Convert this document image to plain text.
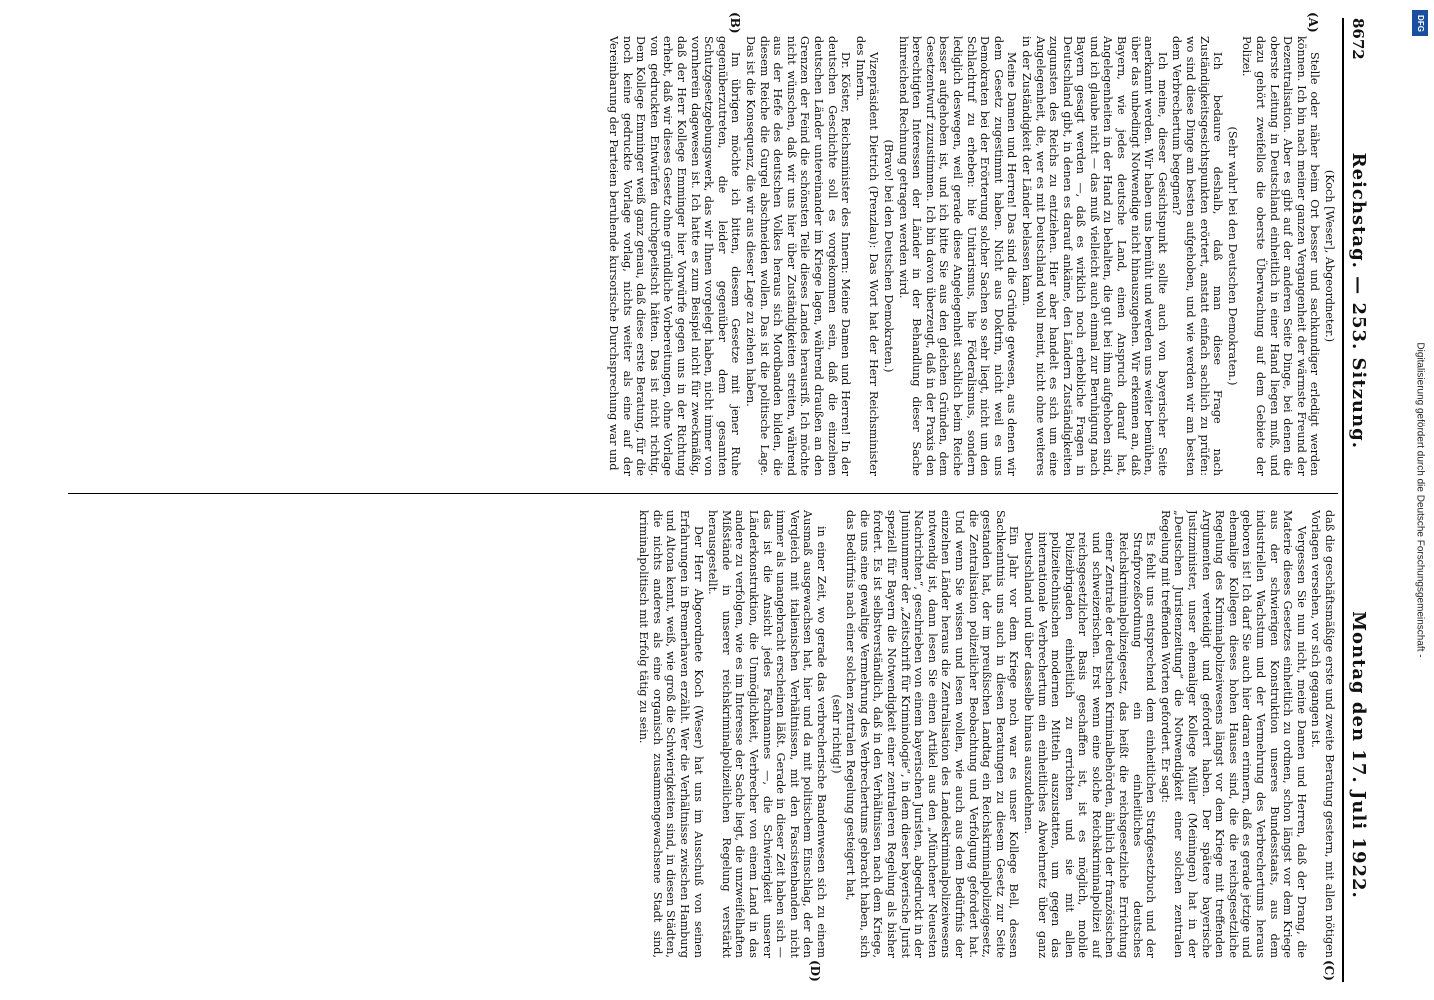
8672
Reichstag. — 253. Sitzung.
Montag den 17. Juli 1922.
(A)
(B)
(C)
(D)

(Koch [Weser], Abgeordneter.)

Stelle oder näher beim Ort besser und sachkundiger erledigt werden können. Ich bin nach meiner ganzen Vergangenheit der wärmste Freund der Dezentralisation. Aber es gibt auf der anderen Seite Dinge, bei denen die oberste Leitung in Deutschland einheitlich in einer Hand liegen muß, und dazu gehört zweifellos die oberste Überwachung auf dem Gebiete der Polizei.

(Sehr wahr! bei den Deutschen Demokraten.)

Ich bedaure deshalb, daß man diese Frage nach Zuständigkeitsgesichtspunkten erörtert, anstatt einfach sachlich zu prüfen: wo sind diese Dinge am besten aufgehoben, und wie werden wir am besten dem Verbrechertum begegnen?

Ich meine, dieser Gesichtspunkt sollte auch von bayerischer Seite anerkannt werden. Wir haben uns bemüht und werden uns weiter bemühen, über das unbedingt Notwendige nicht hinauszugehen. Wir erkennen an, daß Bayern, wie jedes deutsche Land, einen Anspruch darauf hat, Angelegenheiten in der Hand zu behalten, die gut bei ihm aufgehoben sind, und ich glaube nicht — das muß vielleicht auch einmal zur Beruhigung nach Bayern gesagt werden —, daß es wirklich noch erhebliche Fragen in Deutschland gibt, in denen es darauf ankäme, den Ländern Zuständigkeiten zugunsten des Reichs zu entziehen. Hier aber handelt es sich um eine Angelegenheit, die, wer es mit Deutschland wohl meint, nicht ohne weiteres in der Zuständigkeit der Länder belassen kann.

Meine Damen und Herren! Das sind die Gründe gewesen, aus denen wir dem Gesetz zugestimmt haben. Nicht aus Doktrin, nicht weil es uns Demokraten bei der Erörterung solcher Sachen so sehr liegt, nicht um den Schlachtruf zu erheben: hie Unitarismus, hie Föderalismus, sondern lediglich deswegen, weil gerade diese Angelegenheit sachlich beim Reiche besser aufgehoben ist, und ich bitte Sie aus den gleichen Gründen, dem Gesetzentwurf zuzustimmen. Ich bin davon überzeugt, daß in der Praxis den berechtigten Interessen der Länder in der Behandlung dieser Sache hinreichend Rechnung getragen werden wird.

(Bravo! bei den Deutschen Demokraten.)

Vizepräsident Dietrich (Prenzlau): Das Wort hat der Herr Reichsminister des Innern.

Dr. Köster, Reichsminister des Innern: Meine Damen und Herren! In der deutschen Geschichte soll es vorgekommen sein, daß die einzelnen deutschen Länder untereinander im Kriege lagen, während draußen an den Grenzen der Feind die schönsten Teile dieses Landes herausriß. Ich möchte nicht wünschen, daß wir uns hier über Zuständigkeiten streiten, während aus der Hefe des deutschen Volkes heraus sich Mordbanden bilden, die diesem Reiche die Gurgel abschneiden wollen. Das ist die politische Lage. Das ist die Konsequenz, die wir aus dieser Lage zu ziehen haben.

Im übrigen möchte ich bitten, diesem Gesetze mit jener Ruhe gegenüberzutreten, die leider gegenüber dem gesamten Schutzgesetzgebungswerk, das wir Ihnen vorgelegt haben, nicht immer von vornherein dagewesen ist. Ich hatte es zum Beispiel nicht für zweckmäßig, daß der Herr Kollege Emminger hier Vorwürfe gegen uns in der Richtung erhebt, daß wir dieses Gesetz ohne gründliche Vorbereitungen, ohne Vorlage von gedruckten Entwürfen durchgepeitscht hätten. Das ist nicht richtig. Dem Kollege Emminger weiß ganz genau, daß diese erste Beratung, für die noch keine gedruckte Vorlage vorlag, nichts weiter als eine auf der Vereinbarung der Parteien beruhende kursorische Durchsprechung war und

daß die geschäftsmäßige erste und zweite Beratung gestern, mit allen nötigen Vorlagen versehen, vor sich gegangen ist.

Vergessen Sie nun nicht, meine Damen und Herren, daß der Drang, die Materie dieses Gesetzes einheitlich zu ordnen, schon längst vor dem Kriege aus der schwierigen Konstruktion unseres Bundesstaats, aus dem industriellen Wachstum und der Vermehrung des Verbrechertums heraus geboren ist! Ich darf Sie auch hier daran erinnern, daß es gerade jetzige und ehemalige Kollegen dieses hohen Hauses sind, die die reichsgesetzliche Regelung des Kriminalpolizeiwesens längst vor dem Kriege mit treffenden Argumenten verteidigt und gefordert haben. Der spätere bayerische Justizminister, unser ehemaliger Kollege Müller (Meiningen) hat in der „Deutschen Juristenzeitung“ die Notwendigkeit einer solchen zentralen Regelung mit treffenden Worten gefordert. Er sagt:

Es fehlt uns entsprechend dem einheitlichen Strafgesetzbuch und der Strafprozeßordnung ein einheitliches deutsches Reichskriminalpolizeigesetz, das heißt die reichsgesetzliche Errichtung einer Zentrale der deutschen Kriminalbehörden, ähnlich der französischen und schweizerischen. Erst wenn eine solche Reichskriminalpolizei auf reichsgesetzlicher Basis geschaffen ist, ist es möglich, mobile Polizeibrigaden einheitlich zu errichten und sie mit allen polizeitechnischen modernen Mitteln auszustatten, um gegen das internationale Verbrechertum ein einheitliches Abwehrnetz über ganz Deutschland und über dasselbe hinaus auszudehnen.

Ein Jahr vor dem Kriege noch war es unser Kollege Bell, dessen Sachkenntnis uns auch in diesen Beratungen zu diesem Gesetz zur Seite gestanden hat, der im preußischen Landtag ein Reichskriminalpolizeigesetz, die Zentralisation polizeilicher Beobachtung und Verfolgung gefordert hat. Und wenn Sie wissen und lesen wollen, wie auch aus dem Bedürfnis der einzelnen Länder heraus die Zentralisation des Landeskriminalpolizeiwesens notwendig ist, dann lesen Sie einen Artikel aus den „Münchener Neuesten Nachrichten“, geschrieben von einem bayerischen Juristen, abgedruckt in der Juninummer der „Zeitschrift für Kriminologie“, in dem dieser bayerische Jurist speziell für Bayern die Notwendigkeit einer zentraleren Regelung als bisher fordert. Es ist selbstverständlich, daß in den Verhältnissen nach dem Kriege, die uns eine gewaltige Vermehrung des Verbrechertums gebracht haben, sich das Bedürfnis nach einer solchen zentralen Regelung gesteigert hat,

(sehr richtig!)

in einer Zeit, wo gerade das verbrecherische Bandenwesen sich zu einem Ausmaß ausgewachsen hat, hier und da mit politischem Einschlag, der den Vergleich mit italienischen Verhältnissen, mit den Fascistenbanden nicht immer als unangebracht erscheinen läßt. Gerade in dieser Zeit haben sich — das ist die Ansicht jedes Fachmannes —, die Schwierigkeit unserer Länderkonstruktion, die Unmöglichkeit, Verbrecher von einem Land in das andere zu verfolgen, wie es im Interesse der Sache liegt, die unzweifelhaften Mißstände in unserer reichskriminalpolizeilichen Regelung verstärkt herausgestellt.

Der Herr Abgeordnete Koch (Weser) hat uns im Ausschuß von seinen Erfahrungen in Bremerhaven erzählt. Wer die Verhältnisse zwischen Hamburg und Altona kennt, weiß, wie groß die Schwierigkeiten sind, in diesen Städten, die nichts anderes als eine organisch zusammengewachsene Stadt sind, kriminalpolitisch mit Erfolg tätig zu sein.

DFG
Digitalisierung gefördert durch die Deutsche Forschungsgemeinschaft -
